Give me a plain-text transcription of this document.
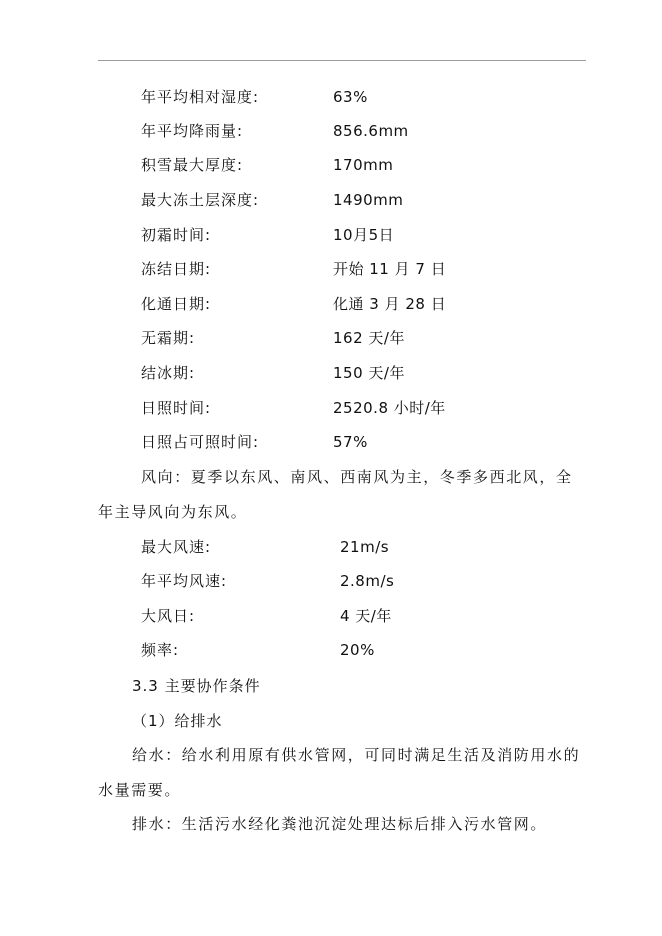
年平均相对湿度:	63%
年平均降雨量:	856.6mm
积雪最大厚度:	170mm
最大冻土层深度:	1490mm
初霜时间:	10月5日
冻结日期:	开始 11 月 7 日
化通日期:	化通 3 月 28 日
无霜期:	162 天/年
结冰期:	150 天/年
日照时间:	2520.8 小时/年
日照占可照时间:	57%
风向：夏季以东风、南风、西南风为主，冬季多西北风，全
年主导风向为东风。
最大风速:	21m/s
年平均风速:	2.8m/s
大风日:	4 天/年
频率:	20%
3.3 主要协作条件
（1）给排水
给水：给水利用原有供水管网，可同时满足生活及消防用水的
水量需要。
排水：生活污水经化粪池沉淀处理达标后排入污水管网。
